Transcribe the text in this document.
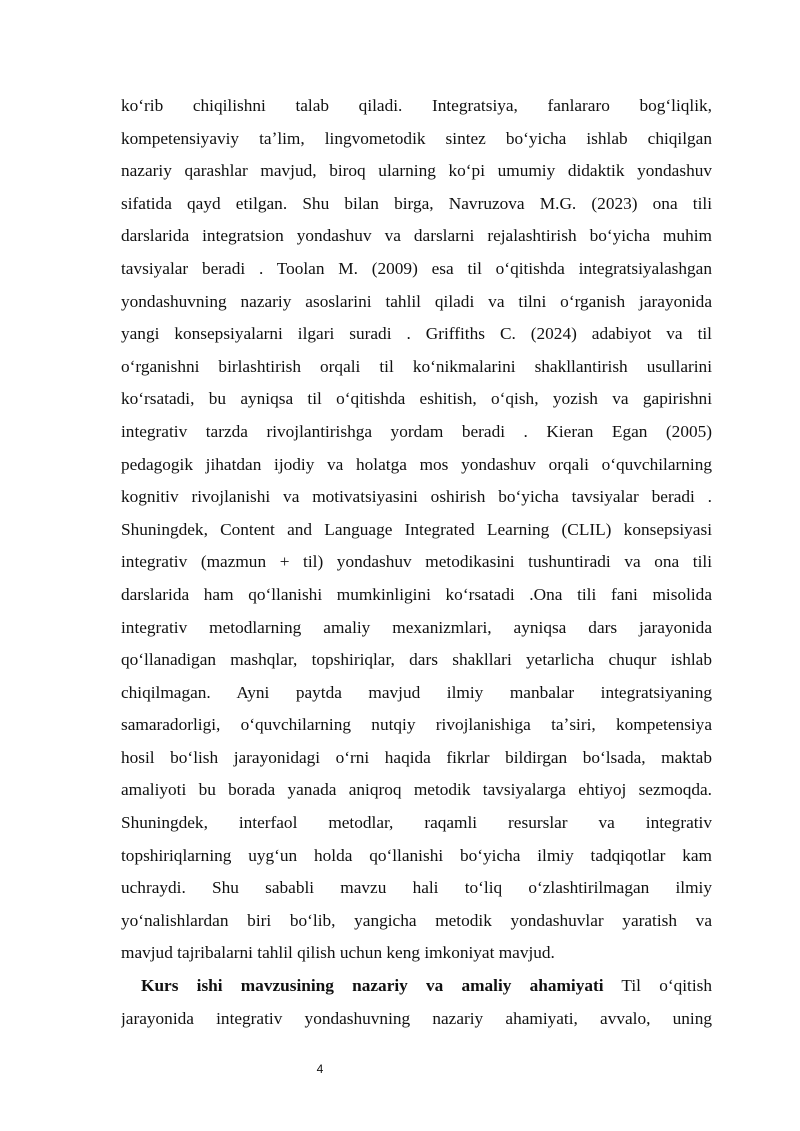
koʻrib chiqilishni talab qiladi. Integratsiya, fanlararo bogʻliqlik,
kompetensiyaviy taʼlim, lingvometodik sintez boʻyicha ishlab chiqilgan
nazariy qarashlar mavjud, biroq ularning koʻpi umumiy didaktik yondashuv
sifatida qayd etilgan. Shu bilan birga, Navruzova M.G. (2023) ona tili
darslarida integratsion yondashuv va darslarni rejalashtirish boʻyicha muhim
tavsiyalar beradi . Toolan M. (2009) esa til oʻqitishda integratsiyalashgan
yondashuvning nazariy asoslarini tahlil qiladi va tilni oʻrganish jarayonida
yangi konsepsiyalarni ilgari suradi . Griffiths C. (2024) adabiyot va til
oʻrganishni birlashtirish orqali til koʻnikmalarini shakllantirish usullarini
koʻrsatadi, bu ayniqsa til oʻqitishda eshitish, oʻqish, yozish va gapirishni
integrativ tarzda rivojlantirishga yordam beradi . Kieran Egan (2005)
pedagogik jihatdan ijodiy va holatga mos yondashuv orqali oʻquvchilarning
kognitiv rivojlanishi va motivatsiyasini oshirish boʻyicha tavsiyalar beradi .
Shuningdek, Content and Language Integrated Learning (CLIL) konsepsiyasi
integrativ (mazmun + til) yondashuv metodikasini tushuntiradi va ona tili
darslarida ham qoʻllanishi mumkinligini koʻrsatadi .Ona tili fani misolida
integrativ metodlarning amaliy mexanizmlari, ayniqsa dars jarayonida
qoʻllanadigan mashqlar, topshiriqlar, dars shakllari yetarlicha chuqur ishlab
chiqilmagan. Ayni paytda mavjud ilmiy manbalar integratsiyaning
samaradorligi, oʻquvchilarning nutqiy rivojlanishiga taʼsiri, kompetensiya
hosil boʻlish jarayonidagi oʻrni haqida fikrlar bildirgan boʻlsada, maktab
amaliyoti bu borada yanada aniqroq metodik tavsiyalarga ehtiyoj sezmoqda.
Shuningdek, interfaol metodlar, raqamli resurslar va integrativ
topshiriqlarning uygʻun holda qoʻllanishi boʻyicha ilmiy tadqiqotlar kam
uchraydi. Shu sababli mavzu hali toʻliq oʻzlashtirilmagan ilmiy
yoʻnalishlardan biri boʻlib, yangicha metodik yondashuvlar yaratish va
mavjud tajribalarni tahlil qilish uchun keng imkoniyat mavjud.

Kurs ishi mavzusining nazariy va amaliy ahamiyati Til oʻqitish
jarayonida integrativ yondashuvning nazariy ahamiyati, avvalo, uning

4
